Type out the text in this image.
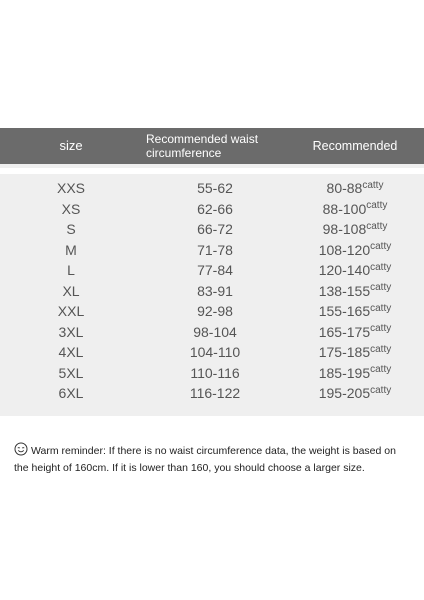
size	Recommended waist circumference	Recommended
XXS	55-62	80-88 catty
XS	62-66	88-100 catty
S	66-72	98-108 catty
M	71-78	108-120 catty
L	77-84	120-140 catty
XL	83-91	138-155 catty
XXL	92-98	155-165 catty
3XL	98-104	165-175 catty
4XL	104-110	175-185 catty
5XL	110-116	185-195 catty
6XL	116-122	195-205 catty
Warm reminder: If there is no waist circumference data, the weight is based on the height of 160cm. If it is lower than 160, you should choose a larger size.
